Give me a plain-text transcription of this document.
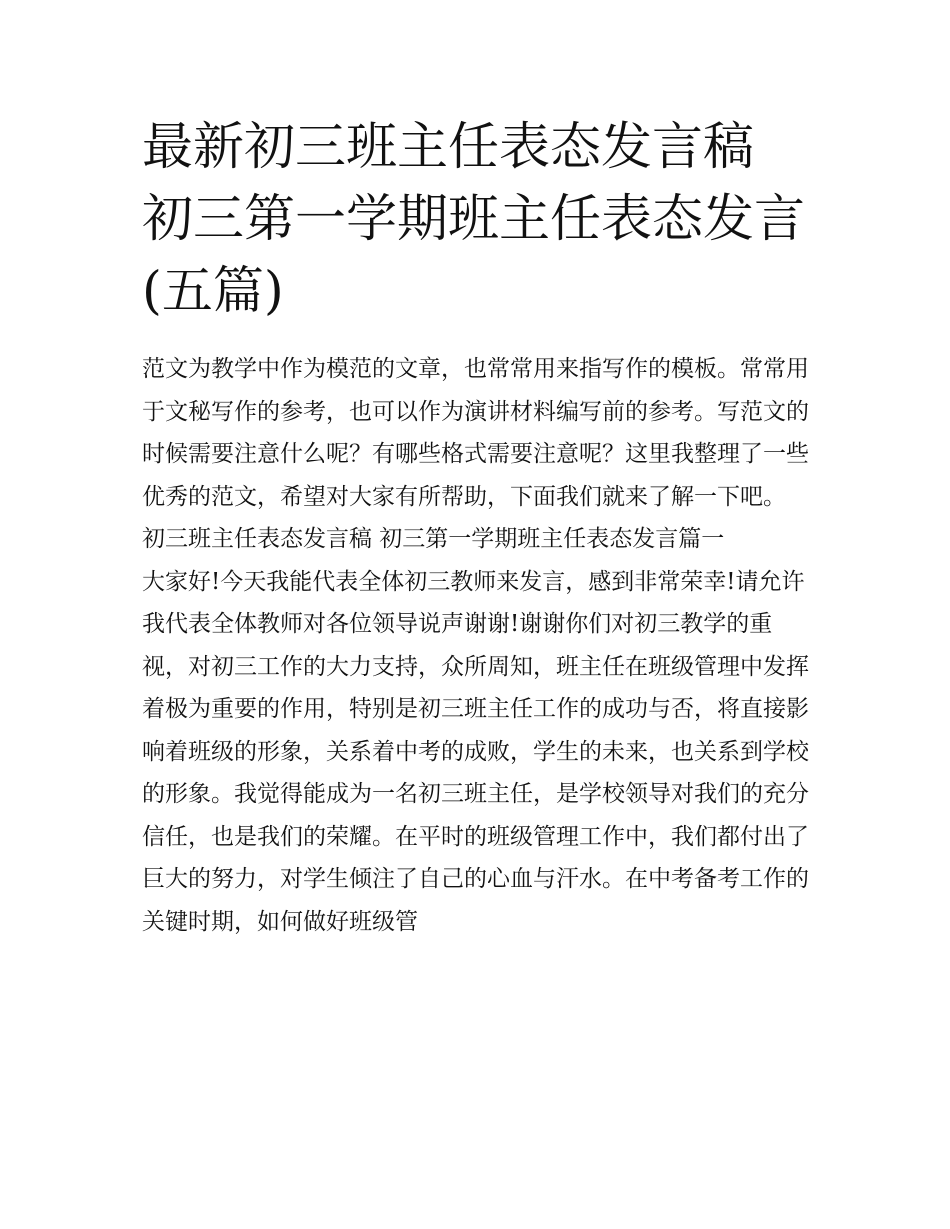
最新初三班主任表态发言稿 初三第一学期班主任表态发言(五篇)

范文为教学中作为模范的文章，也常常用来指写作的模板。常常用于文秘写作的参考，也可以作为演讲材料编写前的参考。写范文的时候需要注意什么呢？有哪些格式需要注意呢？这里我整理了一些优秀的范文，希望对大家有所帮助，下面我们就来了解一下吧。

初三班主任表态发言稿 初三第一学期班主任表态发言篇一

大家好!今天我能代表全体初三教师来发言，感到非常荣幸!请允许我代表全体教师对各位领导说声谢谢!谢谢你们对初三教学的重视，对初三工作的大力支持，众所周知，班主任在班级管理中发挥着极为重要的作用，特别是初三班主任工作的成功与否，将直接影响着班级的形象，关系着中考的成败，学生的未来，也关系到学校的形象。我觉得能成为一名初三班主任，是学校领导对我们的充分信任，也是我们的荣耀。在平时的班级管理工作中，我们都付出了巨大的努力，对学生倾注了自己的心血与汗水。在中考备考工作的关键时期，如何做好班级管
